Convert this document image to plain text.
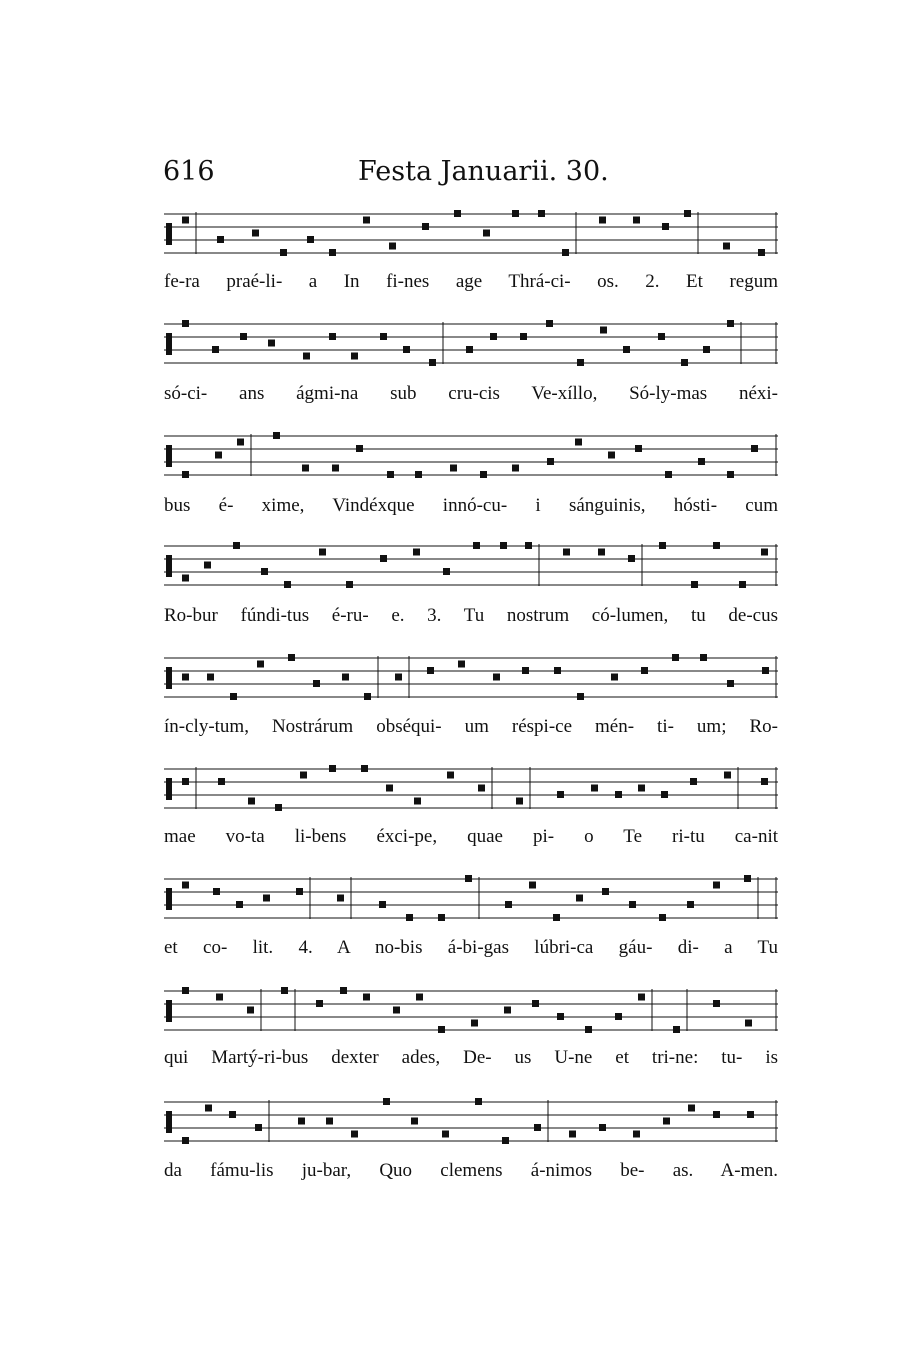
616	Festa Januarii. 30.
fe-ra praé-li- a In fi-nes age Thrá-ci- os. 2. Et regum
só-ci- ans ágmi-na sub cru-cis Ve-xíllo, Só-ly-mas néxi-
bus é- xime, Vindéxque innó-cu- i sánguinis, hósti- cum
Ro-bur fúndi-tus é-ru- e. 3. Tu nostrum có-lumen, tu de-cus
ín-cly-tum, Nostrárum obséqui- um réspi-ce mén- ti- um; Ro-
mae vo-ta li-bens éxci-pe, quae pi- o Te ri-tu ca-nit
et co- lit. 4. A no-bis á-bi-gas lúbri-ca gáu- di- a Tu
qui Martý-ri-bus dexter ades, De- us U-ne et tri-ne: tu- is
da fámu-lis ju-bar, Quo clemens á-nimos be- as. A-men.
